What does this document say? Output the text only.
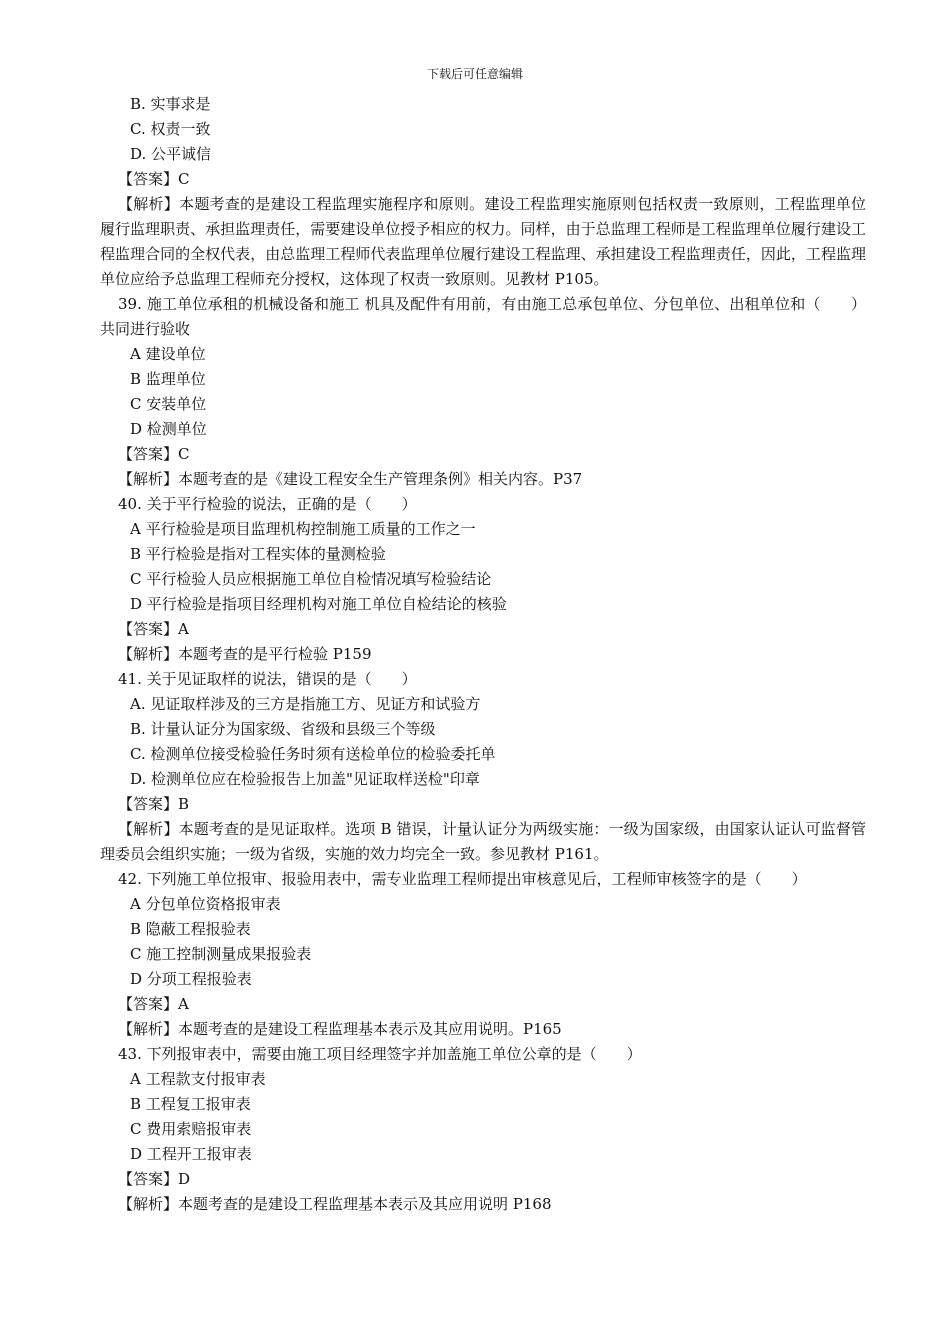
下载后可任意编辑
B. 实事求是
C. 权责一致
D. 公平诚信
【答案】C
【解析】本题考查的是建设工程监理实施程序和原则。建设工程监理实施原则包括权责一致原则，工程监理单位履行监理职责、承担监理责任，需要建设单位授予相应的权力。同样，由于总监理工程师是工程监理单位履行建设工程监理合同的全权代表，由总监理工程师代表监理单位履行建设工程监理、承担建设工程监理责任，因此，工程监理单位应给予总监理工程师充分授权，这体现了权责一致原则。见教材 P105。
39. 施工单位承租的机械设备和施工 机具及配件有用前，有由施工总承包单位、分包单位、出租单位和（　　）共同进行验收
A 建设单位
B 监理单位
C 安装单位
D 检测单位
【答案】C
【解析】本题考查的是《建设工程安全生产管理条例》相关内容。P37
40. 关于平行检验的说法，正确的是（　　）
A 平行检验是项目监理机构控制施工质量的工作之一
B 平行检验是指对工程实体的量测检验
C 平行检验人员应根据施工单位自检情况填写检验结论
D 平行检验是指项目经理机构对施工单位自检结论的核验
【答案】A
【解析】本题考查的是平行检验 P159
41. 关于见证取样的说法，错误的是（　　）
A. 见证取样涉及的三方是指施工方、见证方和试验方
B. 计量认证分为国家级、省级和县级三个等级
C. 检测单位接受检验任务时须有送检单位的检验委托单
D. 检测单位应在检验报告上加盖"见证取样送检"印章
【答案】B
【解析】本题考查的是见证取样。选项 B 错误，计量认证分为两级实施：一级为国家级，由国家认证认可监督管理委员会组织实施；一级为省级，实施的效力均完全一致。参见教材 P161。
42. 下列施工单位报审、报验用表中，需专业监理工程师提出审核意见后，工程师审核签字的是（　　）
A 分包单位资格报审表
B 隐蔽工程报验表
C 施工控制测量成果报验表
D 分项工程报验表
【答案】A
【解析】本题考查的是建设工程监理基本表示及其应用说明。P165
43. 下列报审表中，需要由施工项目经理签字并加盖施工单位公章的是（　　）
A 工程款支付报审表
B 工程复工报审表
C 费用索赔报审表
D 工程开工报审表
【答案】D
【解析】本题考查的是建设工程监理基本表示及其应用说明 P168
